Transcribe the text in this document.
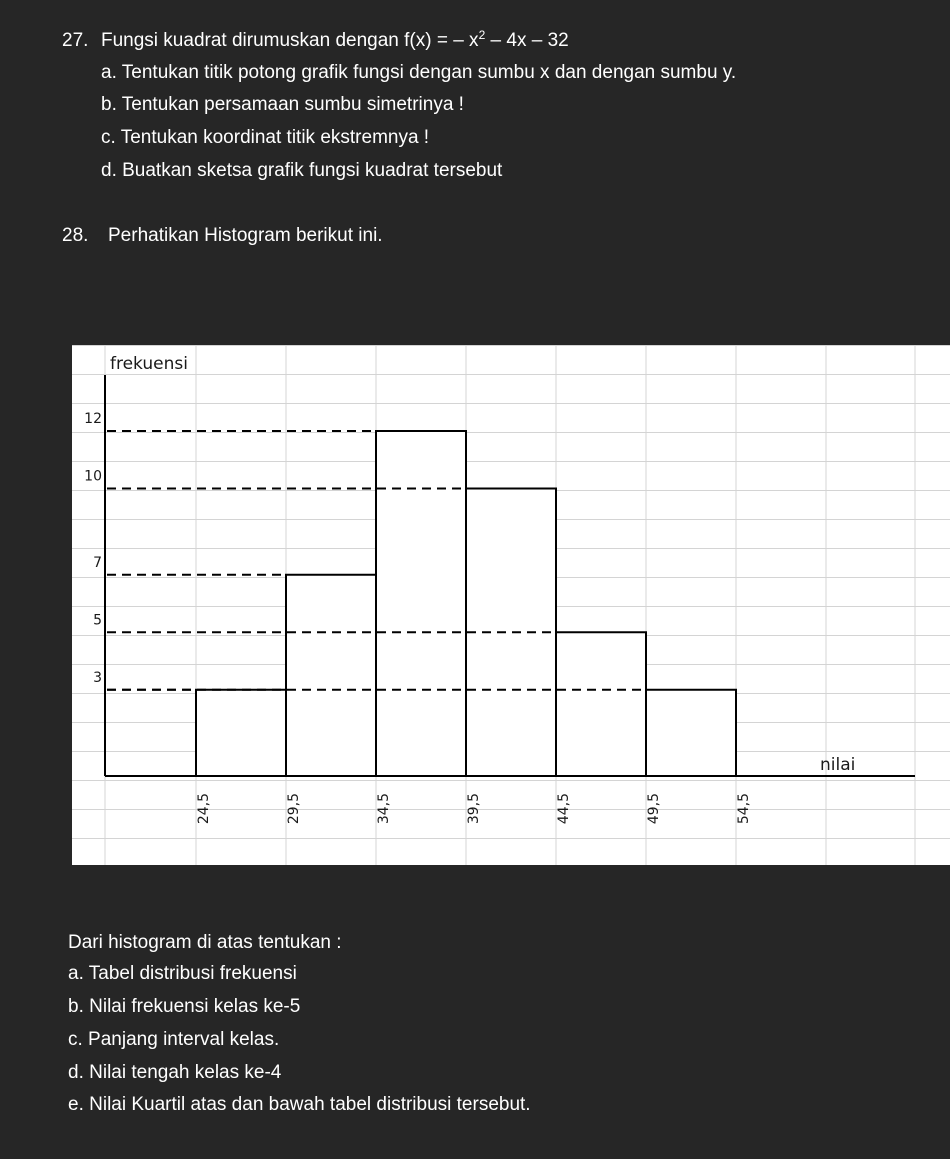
27. Fungsi kuadrat dirumuskan dengan f(x) = – $x^2 - 4x - 32$
a. Tentukan titik potong grafik fungsi dengan sumbu x dan dengan sumbu y.
b. Tentukan persamaan sumbu simetrinya !
c. Tentukan koordinat titik ekstremnya !
d. Buatkan sketsa grafik fungsi kuadrat tersebut
28. Perhatikan Histogram berikut ini.
12
10
7
5
3
24,5	29,5	34,5	39,5	44,5	49,5	54,5
frekuensi
nilai
Dari histogram di atas tentukan :
a. Tabel distribusi frekuensi
b. Nilai frekuensi kelas ke-5
c. Panjang interval kelas.
d. Nilai tengah kelas ke-4
e. Nilai Kuartil atas dan bawah tabel distribusi tersebut.
